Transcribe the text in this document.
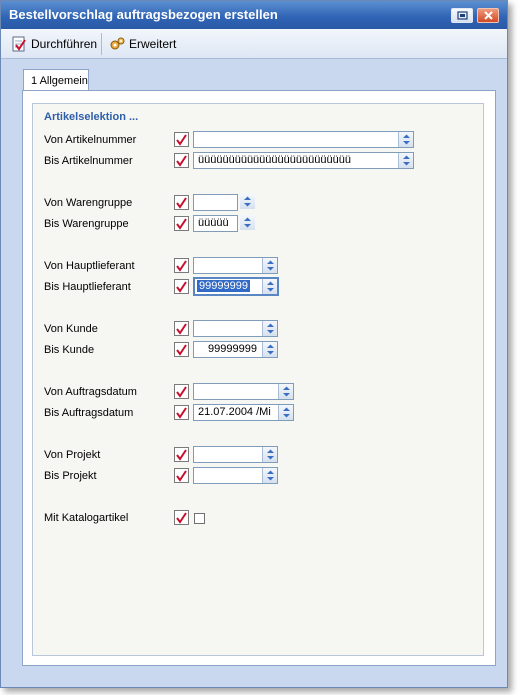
Bestellvorschlag auftragsbezogen erstellen
Durchführen	Erweitert
1 Allgemein
Artikelselektion ...
Von Artikelnummer
Bis Artikelnummer	üüüüüüüüüüüüüüüüüüüüüüüüü
Von Warengruppe
Bis Warengruppe	üüüüü
Von Hauptlieferant
Bis Hauptlieferant	99999999
Von Kunde
Bis Kunde	99999999
Von Auftragsdatum
Bis Auftragsdatum	21.07.2004 /Mi
Von Projekt
Bis Projekt
Mit Katalogartikel
